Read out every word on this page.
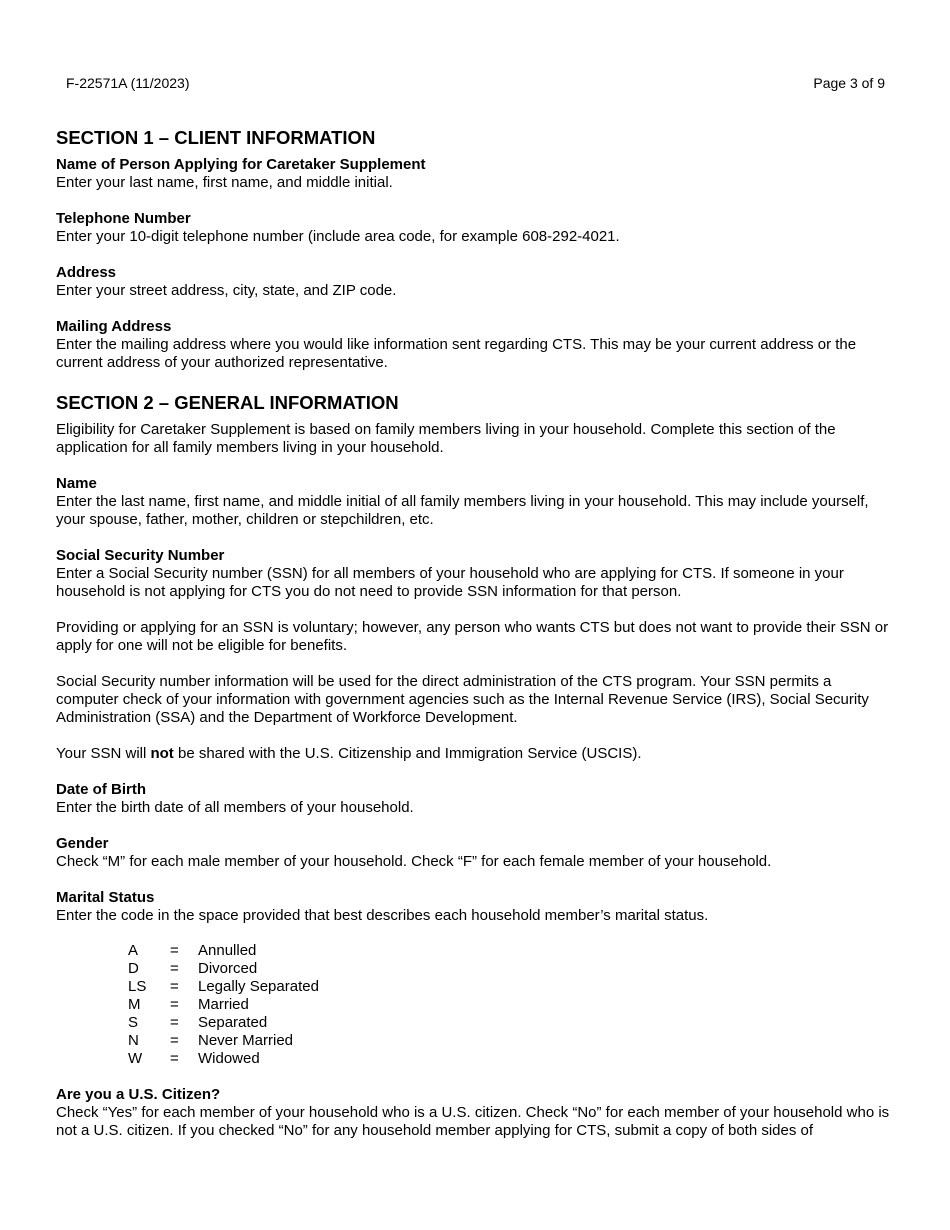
F-22571A (11/2023)	Page 3 of 9
SECTION 1 – CLIENT INFORMATION
Name of Person Applying for Caretaker Supplement

Enter your last name, first name, and middle initial.

Telephone Number

Enter your 10-digit telephone number (include area code, for example 608-292-4021.

Address

Enter your street address, city, state, and ZIP code.

Mailing Address

Enter the mailing address where you would like information sent regarding CTS. This may be your current address or the current address of your authorized representative.

SECTION 2 – GENERAL INFORMATION

Eligibility for Caretaker Supplement is based on family members living in your household. Complete this section of the application for all family members living in your household.

Name

Enter the last name, first name, and middle initial of all family members living in your household. This may include yourself, your spouse, father, mother, children or stepchildren, etc.

Social Security Number

Enter a Social Security number (SSN) for all members of your household who are applying for CTS. If someone in your household is not applying for CTS you do not need to provide SSN information for that person.

Providing or applying for an SSN is voluntary; however, any person who wants CTS but does not want to provide their SSN or apply for one will not be eligible for benefits.

Social Security number information will be used for the direct administration of the CTS program. Your SSN permits a computer check of your information with government agencies such as the Internal Revenue Service (IRS), Social Security Administration (SSA) and the Department of Workforce Development.

Your SSN will not be shared with the U.S. Citizenship and Immigration Service (USCIS).

Date of Birth

Enter the birth date of all members of your household.

Gender

Check “M” for each male member of your household. Check “F” for each female member of your household.

Marital Status

Enter the code in the space provided that best describes each household member’s marital status.

A	=	Annulled
D	=	Divorced
LS	=	Legally Separated
M	=	Married
S	=	Separated
N	=	Never Married
W	=	Widowed
Are you a U.S. Citizen?

Check “Yes” for each member of your household who is a U.S. citizen. Check “No” for each member of your household who is not a U.S. citizen. If you checked “No” for any household member applying for CTS, submit a copy of both sides of
